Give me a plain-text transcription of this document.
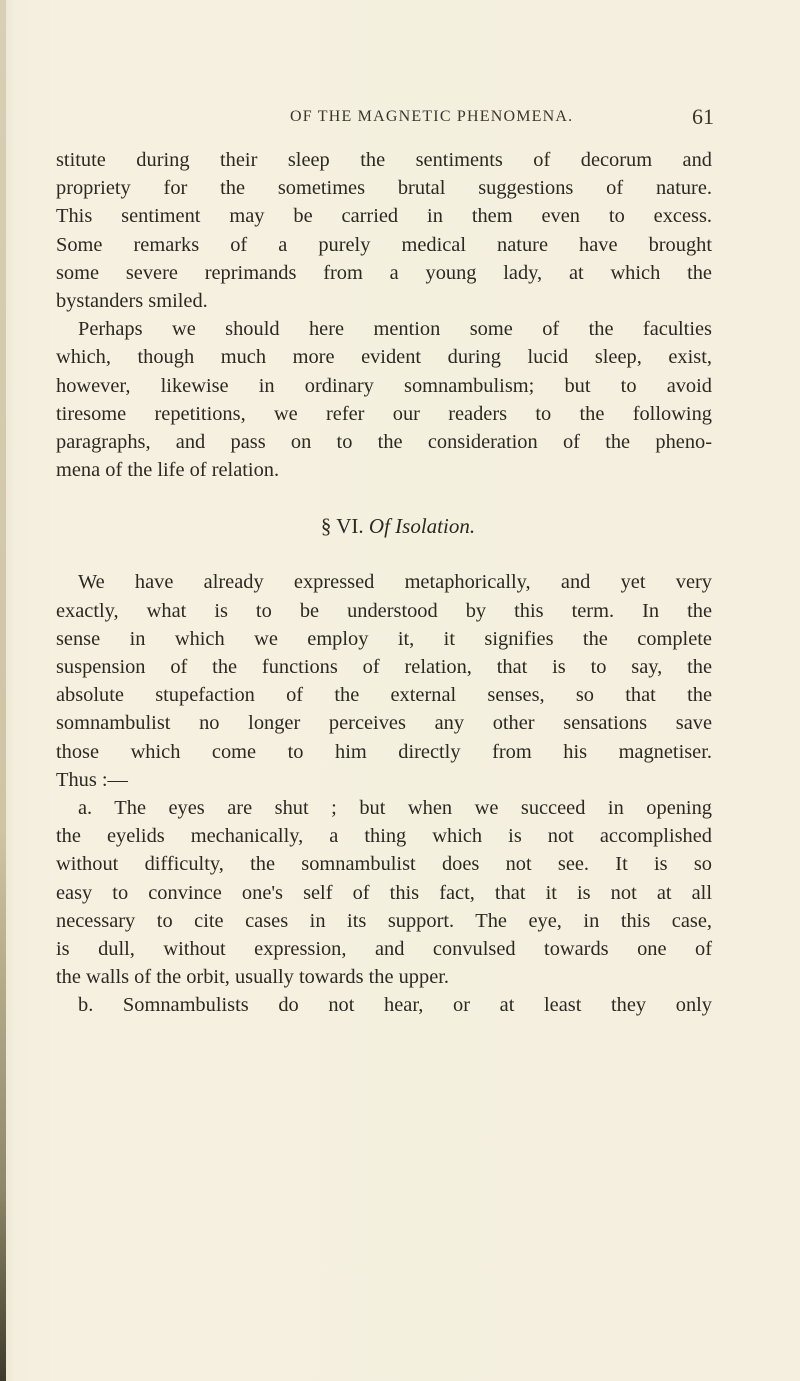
OF THE MAGNETIC PHENOMENA.	61
stitute during their sleep the sentiments of decorum and
propriety for the sometimes brutal suggestions of nature.
This sentiment may be carried in them even to excess.
Some remarks of a purely medical nature have brought
some severe reprimands from a young lady, at which the
bystanders smiled.
Perhaps we should here mention some of the faculties
which, though much more evident during lucid sleep, exist,
however, likewise in ordinary somnambulism; but to avoid
tiresome repetitions, we refer our readers to the following
paragraphs, and pass on to the consideration of the pheno-
mena of the life of relation.
§ VI. Of Isolation.
We have already expressed metaphorically, and yet very
exactly, what is to be understood by this term. In the
sense in which we employ it, it signifies the complete
suspension of the functions of relation, that is to say, the
absolute stupefaction of the external senses, so that the
somnambulist no longer perceives any other sensations save
those which come to him directly from his magnetiser.
Thus :—
a. The eyes are shut ; but when we succeed in opening
the eyelids mechanically, a thing which is not accomplished
without difficulty, the somnambulist does not see. It is so
easy to convince one's self of this fact, that it is not at all
necessary to cite cases in its support. The eye, in this case,
is dull, without expression, and convulsed towards one of
the walls of the orbit, usually towards the upper.
b. Somnambulists do not hear, or at least they only
